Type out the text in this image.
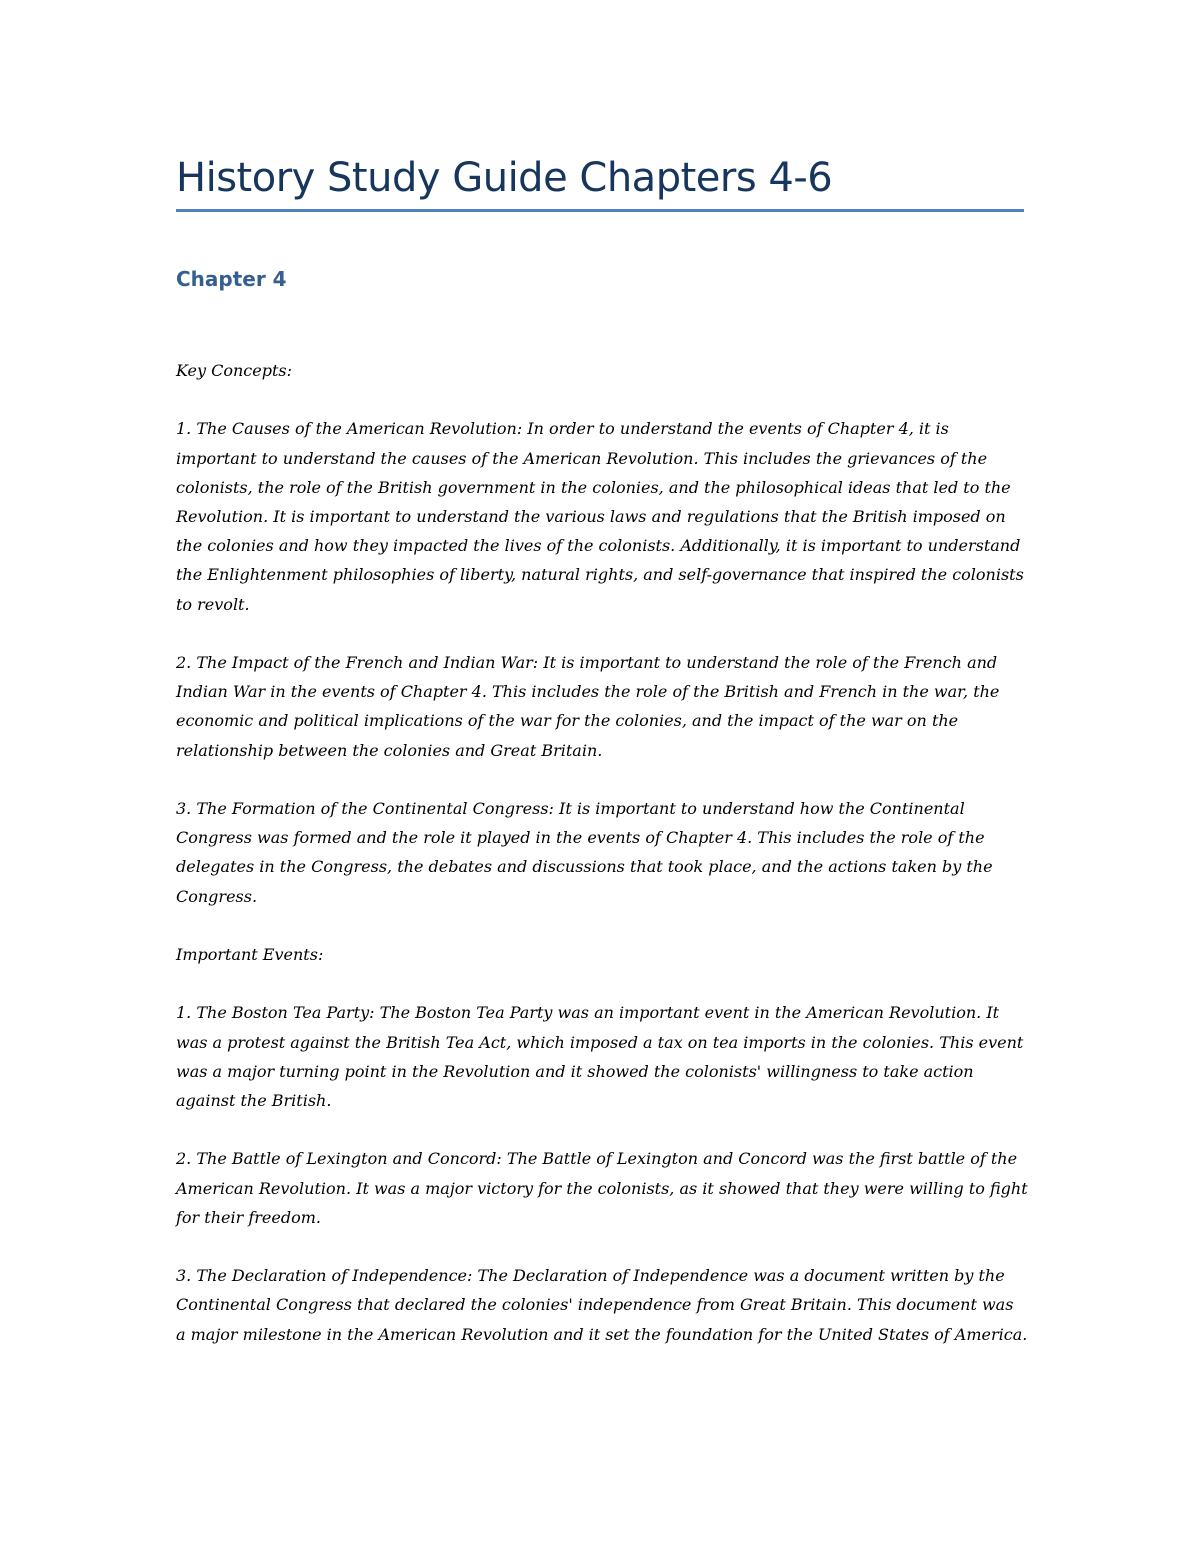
History Study Guide Chapters 4-6
Chapter 4

Key Concepts:

1. The Causes of the American Revolution: In order to understand the events of Chapter 4, it is important to understand the causes of the American Revolution. This includes the grievances of the colonists, the role of the British government in the colonies, and the philosophical ideas that led to the Revolution. It is important to understand the various laws and regulations that the British imposed on the colonies and how they impacted the lives of the colonists. Additionally, it is important to understand the Enlightenment philosophies of liberty, natural rights, and self-governance that inspired the colonists to revolt.

2. The Impact of the French and Indian War: It is important to understand the role of the French and Indian War in the events of Chapter 4. This includes the role of the British and French in the war, the economic and political implications of the war for the colonies, and the impact of the war on the relationship between the colonies and Great Britain.

3. The Formation of the Continental Congress: It is important to understand how the Continental Congress was formed and the role it played in the events of Chapter 4. This includes the role of the delegates in the Congress, the debates and discussions that took place, and the actions taken by the Congress.

Important Events:

1. The Boston Tea Party: The Boston Tea Party was an important event in the American Revolution. It was a protest against the British Tea Act, which imposed a tax on tea imports in the colonies. This event was a major turning point in the Revolution and it showed the colonists' willingness to take action against the British.

2. The Battle of Lexington and Concord: The Battle of Lexington and Concord was the first battle of the American Revolution. It was a major victory for the colonists, as it showed that they were willing to fight for their freedom.

3. The Declaration of Independence: The Declaration of Independence was a document written by the Continental Congress that declared the colonies' independence from Great Britain. This document was a major milestone in the American Revolution and it set the foundation for the United States of America.
